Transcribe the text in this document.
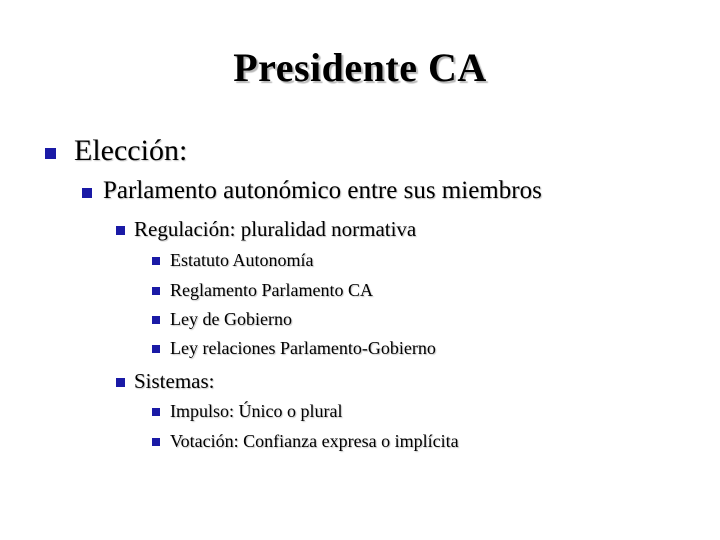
Presidente CA
Elección:
Parlamento autonómico entre sus miembros
Regulación: pluralidad normativa
Estatuto Autonomía
Reglamento Parlamento CA
Ley de Gobierno
Ley relaciones Parlamento-Gobierno
Sistemas:
Impulso: Único o plural
Votación: Confianza expresa o implícita
